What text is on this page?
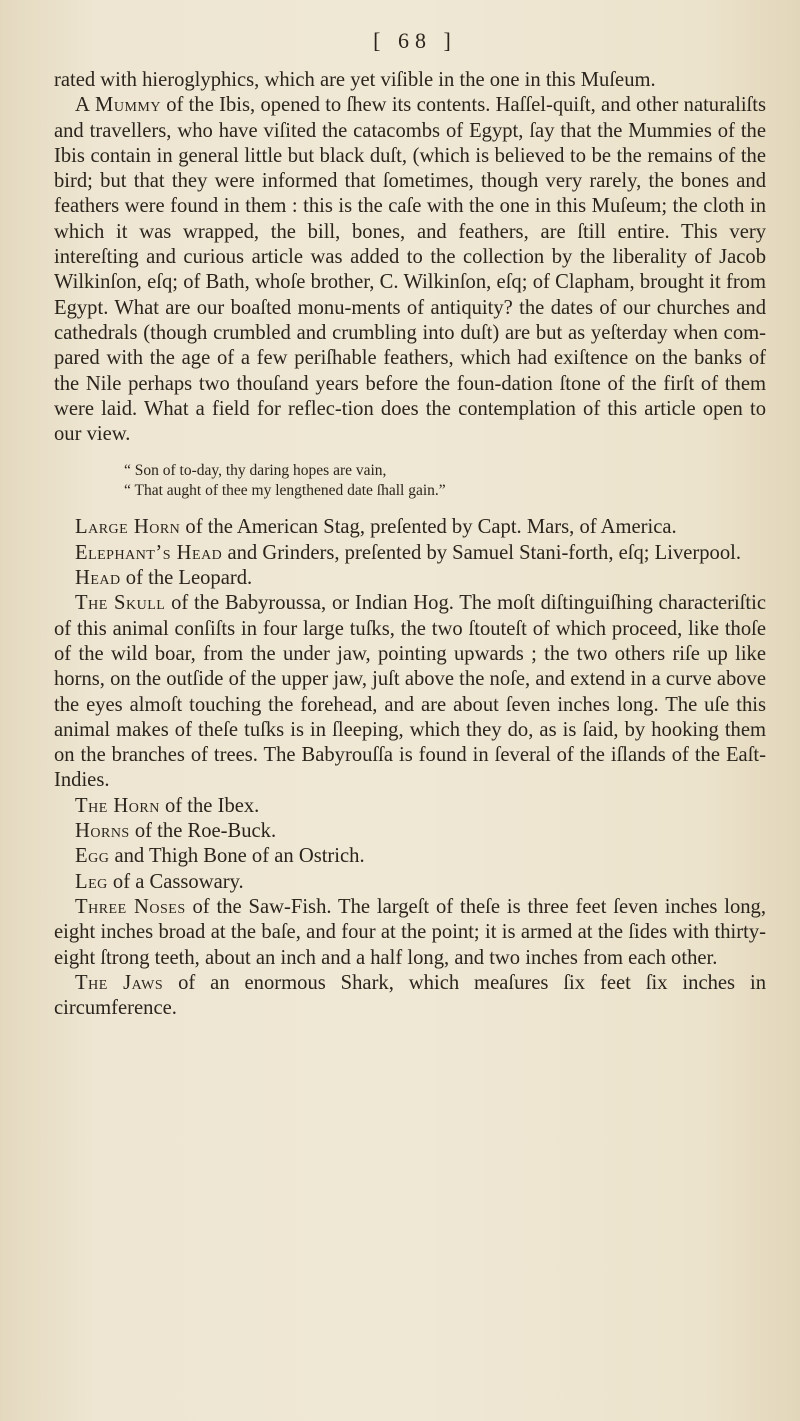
[ 68 ]

rated with hieroglyphics, which are yet viſible in the one in this Muſeum.

A Mummy of the Ibis, opened to ſhew its contents. Haſſel-quiſt, and other naturaliſts and travellers, who have viſited the catacombs of Egypt, ſay that the Mummies of the Ibis contain in general little but black duſt, (which is believed to be the remains of the bird; but that they were informed that ſometimes, though very rarely, the bones and feathers were found in them : this is the caſe with the one in this Muſeum; the cloth in which it was wrapped, the bill, bones, and feathers, are ſtill entire. This very intereſting and curious article was added to the collection by the liberality of Jacob Wilkinſon, eſq; of Bath, whoſe brother, C. Wilkinſon, eſq; of Clapham, brought it from Egypt. What are our boaſted monu-ments of antiquity? the dates of our churches and cathedrals (though crumbled and crumbling into duſt) are but as yeſterday when com-pared with the age of a few periſhable feathers, which had exiſtence on the banks of the Nile perhaps two thouſand years before the foun-dation ſtone of the firſt of them were laid. What a field for reflec-tion does the contemplation of this article open to our view.

“ Son of to-day, thy daring hopes are vain,
“ That aught of thee my lengthened date ſhall gain.”

Large Horn of the American Stag, preſented by Capt. Mars, of America.

Elephant’s Head and Grinders, preſented by Samuel Stani-forth, eſq; Liverpool.

Head of the Leopard.

The Skull of the Babyroussa, or Indian Hog. The moſt diſtinguiſhing characteriſtic of this animal conſiſts in four large tuſks, the two ſtouteſt of which proceed, like thoſe of the wild boar, from the under jaw, pointing upwards ; the two others riſe up like horns, on the outſide of the upper jaw, juſt above the noſe, and extend in a curve above the eyes almoſt touching the forehead, and are about ſeven inches long. The uſe this animal makes of theſe tuſks is in ſleeping, which they do, as is ſaid, by hooking them on the branches of trees. The Babyrouſſa is found in ſeveral of the iſlands of the Eaſt-Indies.

The Horn of the Ibex.

Horns of the Roe-Buck.

Egg and Thigh Bone of an Ostrich.

Leg of a Cassowary.

Three Noses of the Saw-Fish. The largeſt of theſe is three feet ſeven inches long, eight inches broad at the baſe, and four at the point; it is armed at the ſides with thirty-eight ſtrong teeth, about an inch and a half long, and two inches from each other.

The Jaws of an enormous Shark, which meaſures ſix feet ſix inches in circumference.
